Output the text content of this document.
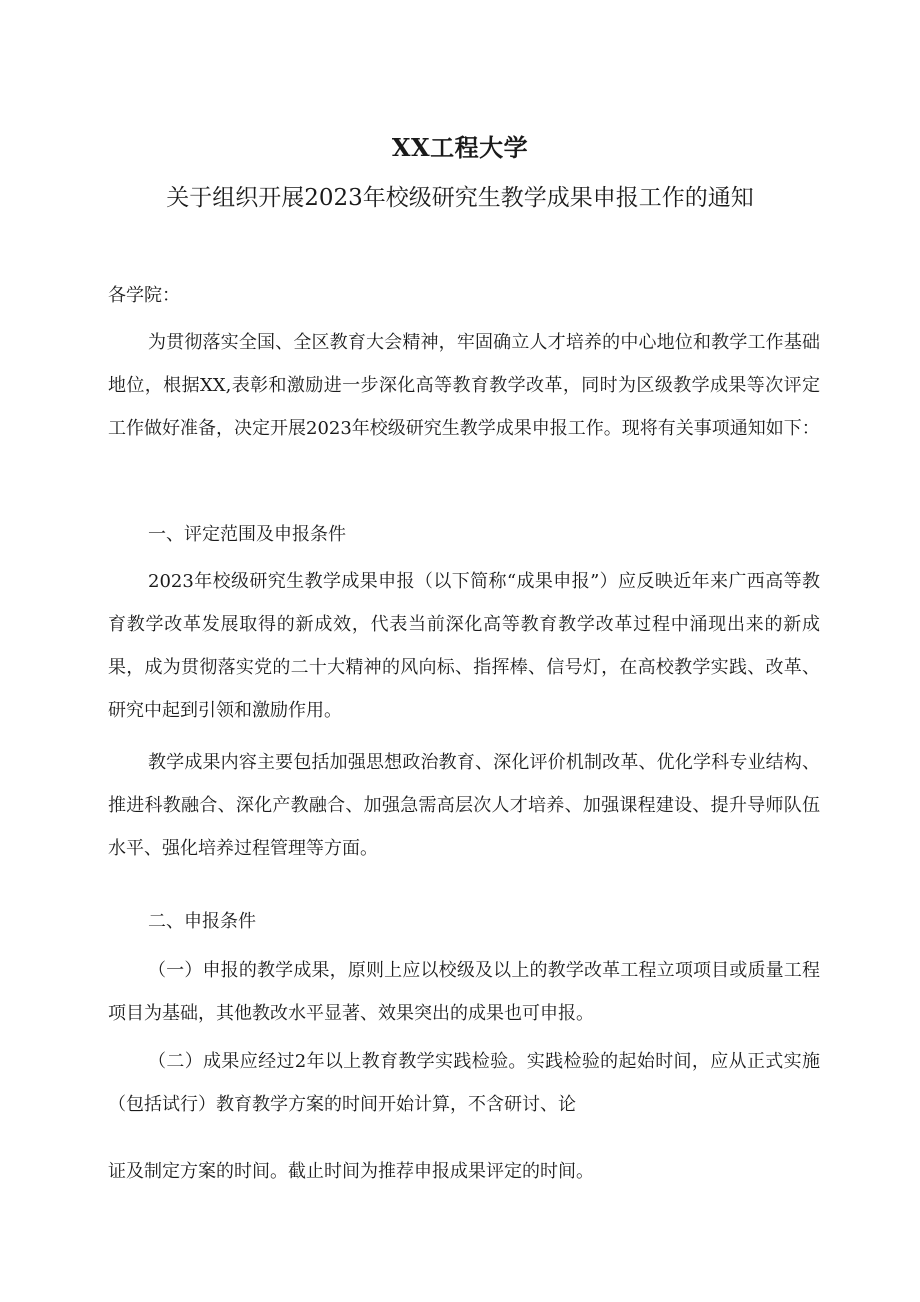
XX工程大学
关于组织开展2023年校级研究生教学成果申报工作的通知
各学院：

为贯彻落实全国、全区教育大会精神，牢固确立人才培养的中心地位和教学工作基础地位，根据XX,表彰和激励进一步深化高等教育教学改革，同时为区级教学成果等次评定工作做好准备，决定开展2023年校级研究生教学成果申报工作。现将有关事项通知如下：

一、评定范围及申报条件

2023年校级研究生教学成果申报（以下简称“成果申报”）应反映近年来广西高等教育教学改革发展取得的新成效，代表当前深化高等教育教学改革过程中涌现出来的新成果，成为贯彻落实党的二十大精神的风向标、指挥棒、信号灯，在高校教学实践、改革、研究中起到引领和激励作用。

教学成果内容主要包括加强思想政治教育、深化评价机制改革、优化学科专业结构、推进科教融合、深化产教融合、加强急需高层次人才培养、加强课程建设、提升导师队伍水平、强化培养过程管理等方面。

二、申报条件

（一）申报的教学成果，原则上应以校级及以上的教学改革工程立项项目或质量工程项目为基础，其他教改水平显著、效果突出的成果也可申报。

（二）成果应经过2年以上教育教学实践检验。实践检验的起始时间，应从正式实施（包括试行）教育教学方案的时间开始计算，不含研讨、论

证及制定方案的时间。截止时间为推荐申报成果评定的时间。
